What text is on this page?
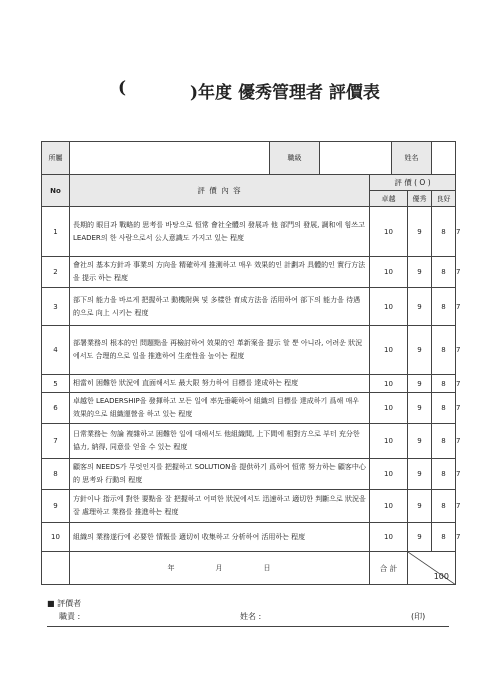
(	)年度 優秀管理者 評價表
所屬		職級			姓名			
No	評 價 內 容			評 價 ( O )				
				卓越		優秀	良好	
1	長期的 眼目과 戰略的 思考를 바탕으로 恒常 會社全體의 發展과 他 部門의 發展, 調和에 힘쓰고 LEADER의 한 사람으로서 公人意識도 가지고 있는 程度			10		9	8	7
2	會社의 基本方針과 事業의 方向을 精確하게 推測하고 매우 效果的인 計劃과 具體的인 實行方法을 提示 하는 程度			10		9	8	7
3	部下의 能力을 바르게 把握하고 動機附與 및 多樣한 育成方法을 活用하여 部下의 能力을 待遇的으로 向上 시키는 程度			10		9	8	7
4	部署業務의 根本的인 問題點을 再檢討하여 效果的인 革新案을 提示 할 뿐 아니라, 어려운 狀況에서도 合理的으로 일을 推進하여 生産性을 높이는 程度			10		9	8	7
5	相當히 困難한 狀況에 直面해서도 最大限 努力하여 目標를 達成하는 程度			10		9	8	7
6	卓越한 LEADERSHIP을 發揮하고 모든 일에 率先垂範하여 組織의 目標를 達成하기 爲해 매우 效果的으로 組織運營을 하고 있는 程度			10		9	8	7
7	日常業務는 勿論 複雜하고 困難한 일에 대해서도 他組織間, 上下間에 相對方으로 부터 充分한 協力, 納得, 同意를 얻을 수 있는 程度			10		9	8	7
8	顧客의 NEEDS가 무엇인지를 把握하고 SOLUTION을 提供하기 爲하여 恒常 努力하는 顧客中心的 思考와 行動의 程度			10		9	8	7
9	方針이나 指示에 對한 要點을 잘 把握하고 어떠한 狀況에서도 迅速하고 適切한 判斷으로 狀況을 잘 處理하고 業務를 推進하는 程度			10		9	8	7
10	組織의 業務遂行에 必要한 情報를 適切히 收集하고 分析하여 活用하는 程度			10		9	8	7
	年 月 日			合 計		100		
■ 評價者
職責 :	姓名 :	(印)
